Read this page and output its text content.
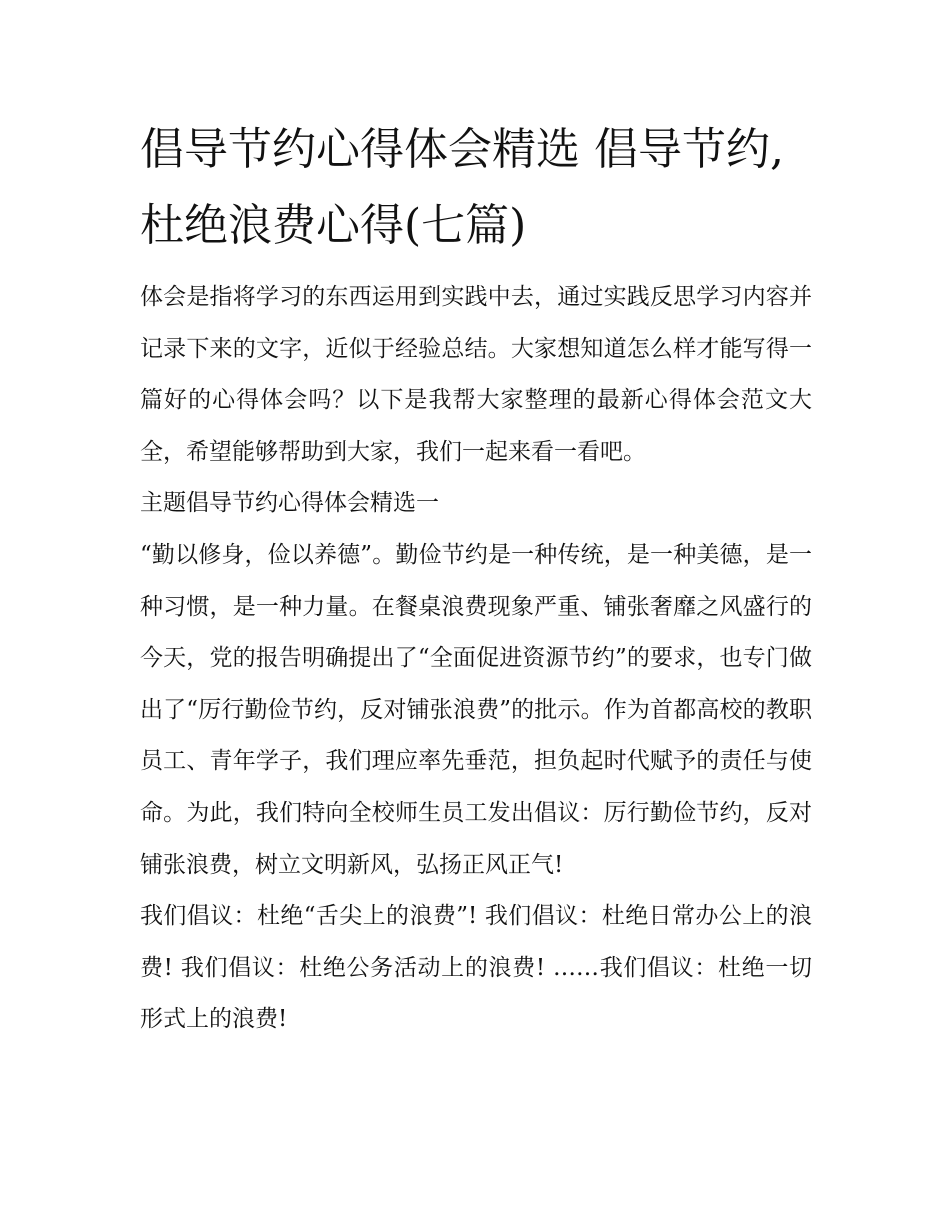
倡导节约心得体会精选 倡导节约,杜绝浪费心得(七篇)

体会是指将学习的东西运用到实践中去，通过实践反思学习内容并记录下来的文字，近似于经验总结。大家想知道怎么样才能写得一篇好的心得体会吗？以下是我帮大家整理的最新心得体会范文大全，希望能够帮助到大家，我们一起来看一看吧。

主题倡导节约心得体会精选一

“勤以修身，俭以养德”。勤俭节约是一种传统，是一种美德，是一种习惯，是一种力量。在餐桌浪费现象严重、铺张奢靡之风盛行的今天，党的报告明确提出了“全面促进资源节约”的要求，也专门做出了“厉行勤俭节约，反对铺张浪费”的批示。作为首都高校的教职员工、青年学子，我们理应率先垂范，担负起时代赋予的责任与使命。为此，我们特向全校师生员工发出倡议：厉行勤俭节约，反对铺张浪费，树立文明新风，弘扬正风正气!

我们倡议：杜绝“舌尖上的浪费”! 我们倡议：杜绝日常办公上的浪费! 我们倡议：杜绝公务活动上的浪费! ……我们倡议：杜绝一切形式上的浪费!
